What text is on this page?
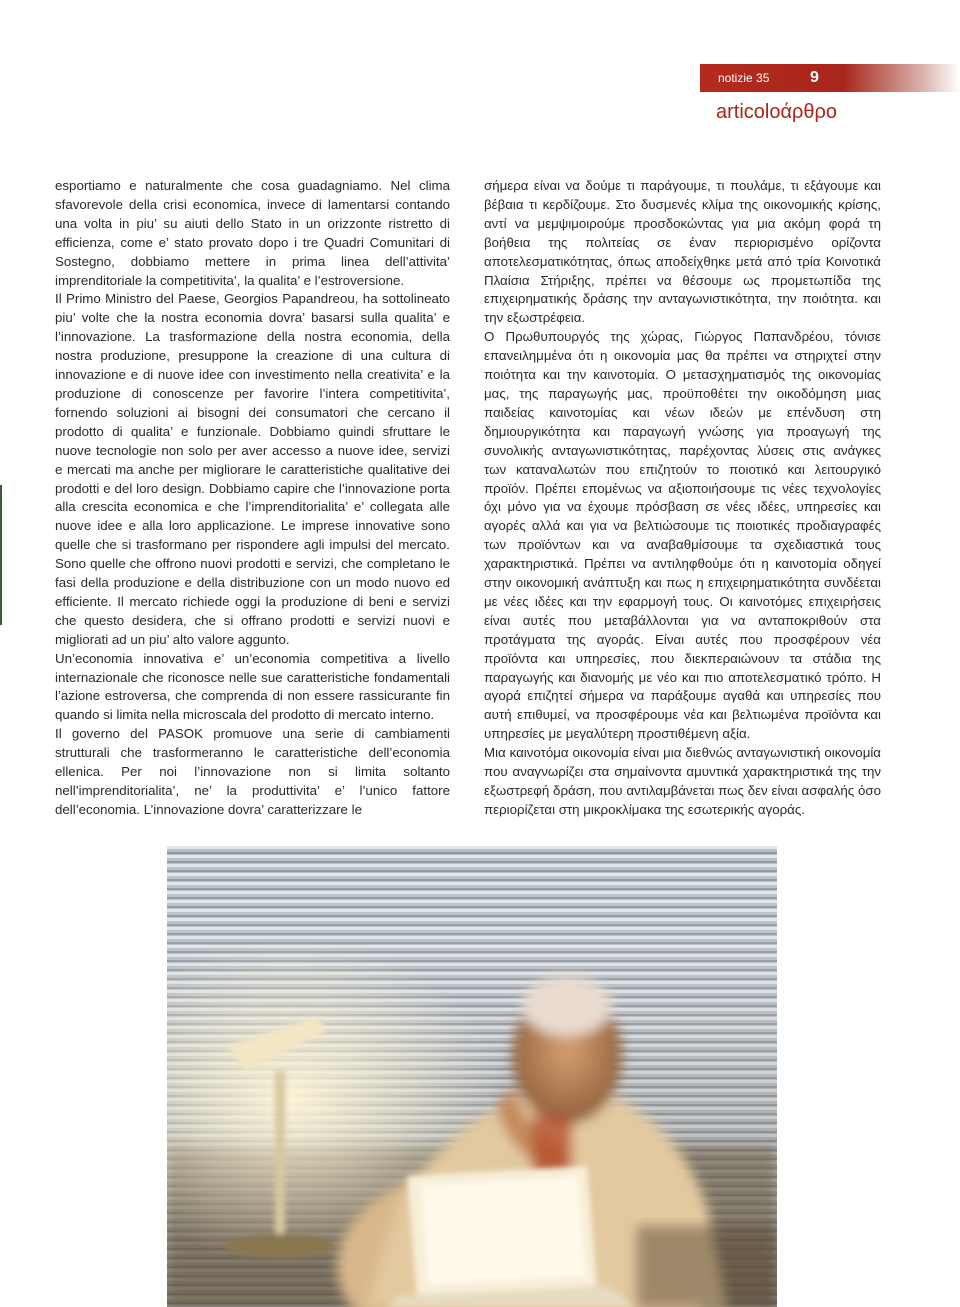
notizie 35	9
articoloάρθρο

esportiamo e naturalmente che cosa guadagniamo. Nel clima sfavorevole della crisi economica, invece di lamentarsi contando una volta in piu’ su aiuti dello Stato in un orizzonte ristretto di efficienza, come e’ stato provato dopo i tre Quadri Comunitari di Sostegno, dobbiamo mettere in prima linea dell’attivita’ imprenditoriale la competitivita’, la qualita’ e l’estroversione.

Il Primo Ministro del Paese, Georgios Papandreou, ha sottolineato piu’ volte che la nostra economia dovra’ basarsi sulla qualita’ e l’innovazione. La trasformazione della nostra economia, della nostra produzione, presuppone la creazione di una cultura di innovazione e di nuove idee con investimento nella creativita’ e la produzione di conoscenze per favorire l’intera competitivita’, fornendo soluzioni ai bisogni dei consumatori che cercano il prodotto di qualita’ e funzionale. Dobbiamo quindi sfruttare le nuove tecnologie non solo per aver accesso a nuove idee, servizi e mercati ma anche per migliorare le caratteristiche qualitative dei prodotti e del loro design. Dobbiamo capire che l’innovazione porta alla crescita economica e che l’imprenditorialita’ e’ collegata alle nuove idee e alla loro applicazione. Le imprese innovative sono quelle che si trasformano per rispondere agli impulsi del mercato. Sono quelle che offrono nuovi prodotti e servizi, che completano le fasi della produzione e della distribuzione con un modo nuovo ed efficiente. Il mercato richiede oggi la produzione di beni e servizi che questo desidera, che si offrano prodotti e servizi nuovi e migliorati ad un piu’ alto valore aggunto.

Un’economia innovativa e’ un’economia competitiva a livello internazionale che riconosce nelle sue caratteristiche fondamentali l’azione estroversa, che comprenda di non essere rassicurante fin quando si limita nella microscala del prodotto di mercato interno.

Il governo del PASOK promuove una serie di cambiamenti strutturali che trasformeranno le caratteristiche dell’economia ellenica. Per noi l’innovazione non si limita soltanto nell’imprenditorialita’, ne’ la produttivita’ e’ l’unico fattore dell’economia. L’innovazione dovra’ caratterizzare le

σήμερα είναι να δούμε τι παράγουμε, τι πουλάμε, τι εξάγουμε και βέβαια τι κερδίζουμε. Στο δυσμενές κλίμα της οικονομικής κρίσης, αντί να μεμψιμοιρούμε προσδοκώντας για μια ακόμη φορά τη βοήθεια της πολιτείας σε έναν περιορισμένο ορίζοντα αποτελεσματικότητας, όπως αποδείχθηκε μετά από τρία Κοινοτικά Πλαίσια Στήριξης, πρέπει να θέσουμε ως προμετωπίδα της επιχειρηματικής δράσης την ανταγωνιστικότητα, την ποιότητα. και την εξωστρέφεια.

Ο Πρωθυπουργός της χώρας, Γιώργος Παπανδρέου, τόνισε επανειλημμένα ότι η οικονομία μας θα πρέπει να στηριχτεί στην ποιότητα και την καινοτομία. Ο μετασχηματισμός της οικονομίας μας, της παραγωγής μας, προϋποθέτει την οικοδόμηση μιας παιδείας καινοτομίας και νέων ιδεών με επένδυση στη δημιουργικότητα και παραγωγή γνώσης για προαγωγή της συνολικής ανταγωνιστικότητας, παρέχοντας λύσεις στις ανάγκες των καταναλωτών που επιζητούν το ποιοτικό και λειτουργικό προϊόν. Πρέπει επομένως να αξιοποιήσουμε τις νέες τεχνολογίες όχι μόνο για να έχουμε πρόσβαση σε νέες ιδέες, υπηρεσίες και αγορές αλλά και για να βελτιώσουμε τις ποιοτικές προδιαγραφές των προϊόντων και να αναβαθμίσουμε τα σχεδιαστικά τους χαρακτηριστικά. Πρέπει να αντιληφθούμε ότι η καινοτομία οδηγεί στην οικονομική ανάπτυξη και πως η επιχειρηματικότητα συνδέεται με νέες ιδέες και την εφαρμογή τους. Οι καινοτόμες επιχειρήσεις είναι αυτές που μεταβάλλονται για να ανταποκριθούν στα προτάγματα της αγοράς. Είναι αυτές που προσφέρουν νέα προϊόντα και υπηρεσίες, που διεκπεραιώνουν τα στάδια της παραγωγής και διανομής με νέο και πιο αποτελεσματικό τρόπο. Η αγορά επιζητεί σήμερα να παράξουμε αγαθά και υπηρεσίες που αυτή επιθυμεί, να προσφέρουμε νέα και βελτιωμένα προϊόντα και υπηρεσίες με μεγαλύτερη προστιθέμενη αξία.

Μια καινοτόμα οικονομία είναι μια διεθνώς ανταγωνιστική οικονομία που αναγνωρίζει στα σημαίνοντα αμυντικά χαρακτηριστικά της την εξωστρεφή δράση, που αντιλαμβάνεται πως δεν είναι ασφαλής όσο περιορίζεται στη μικροκλίμακα της εσωτερικής αγοράς.
